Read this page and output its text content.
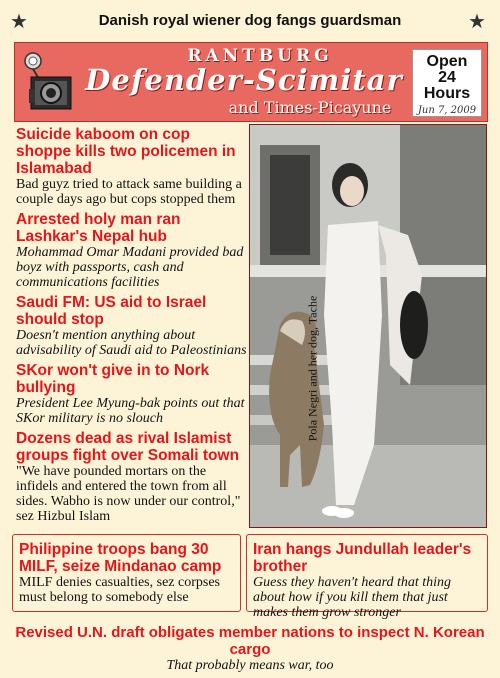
★	★
Danish royal wiener dog fangs guardsman
RANTBURG
Defender-Scimitar
and Times-Picayune
Open
24
Hours
Jun 7, 2009
Suicide kaboom on cop shoppe kills two policemen in Islamabad
Bad guyz tried to attack same building a couple days ago but cops stopped them
Arrested holy man ran Lashkar's Nepal hub
Mohammad Omar Madani provided bad boyz with passports, cash and communications facilities
Saudi FM: US aid to Israel should stop
Doesn't mention anything about advisability of Saudi aid to Paleostinians
SKor won't give in to Nork bullying
President Lee Myung-bak points out that SKor military is no slouch
Dozens dead as rival Islamist groups fight over Somali town
"We have pounded mortars on the infidels and entered the town from all sides. Wabho is now under our control," sez Hizbul Islam
Pola Negri and her dog, Tache
Philippine troops bang 30 MILF, seize Mindanao camp
MILF denies casualties, sez corpses must belong to somebody else
Iran hangs Jundullah leader's brother
Guess they haven't heard that thing about how if you kill them that just makes them grow stronger
Revised U.N. draft obligates member nations to inspect N. Korean cargo
That probably means war, too
